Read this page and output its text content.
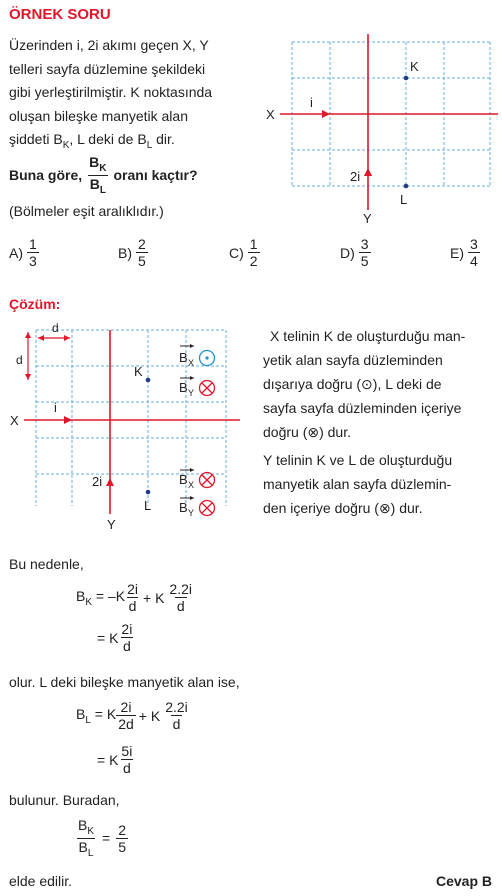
ÖRNEK SORU
Üzerinden i, 2i akımı geçen X, Y
telleri sayfa düzlemine şekildeki
gibi yerleştirilmiştir. K noktasında
oluşan bileşke manyetik alan
şiddeti $B_K$, L deki de $B_L$ dir.
Buna göre, $\frac{B_K}{B_L}$ oranı kaçtır?
(Bölmeler eşit aralıklıdır.)
X
i
K
L
2i
Y
$A) \frac{1}{3}$	$B) \frac{2}{5}$	$C) \frac{1}{2}$	$D) \frac{3}{5}$	$E) \frac{3}{4}$
Çözüm:
d
d
X
i
K
L
2i
Y
B X
B Y
B X
B Y
X telinin K de oluşturduğu man-
yetik alan sayfa düzleminden
dışarıya doğru (⊙), L deki de
sayfa sayfa düzleminden içeriye
doğru (⊗) dur.
Y telinin K ve L de oluşturduğu
manyetik alan sayfa düzlemin-
den içeriye doğru (⊗) dur.
Bu nedenle,
$B_K = -K \frac{2i}{d} + K \frac{2.2i}{d}$
= K $\frac{2i}{d}$
olur. L deki bileşke manyetik alan ise,
$B_L = K \frac{2i}{2d} + K \frac{2.2i}{d}$
= K $\frac{5i}{d}$
bulunur. Buradan,
$\frac{B_K}{B_L} = \frac{2}{5}$
elde edilir.	Cevap B
